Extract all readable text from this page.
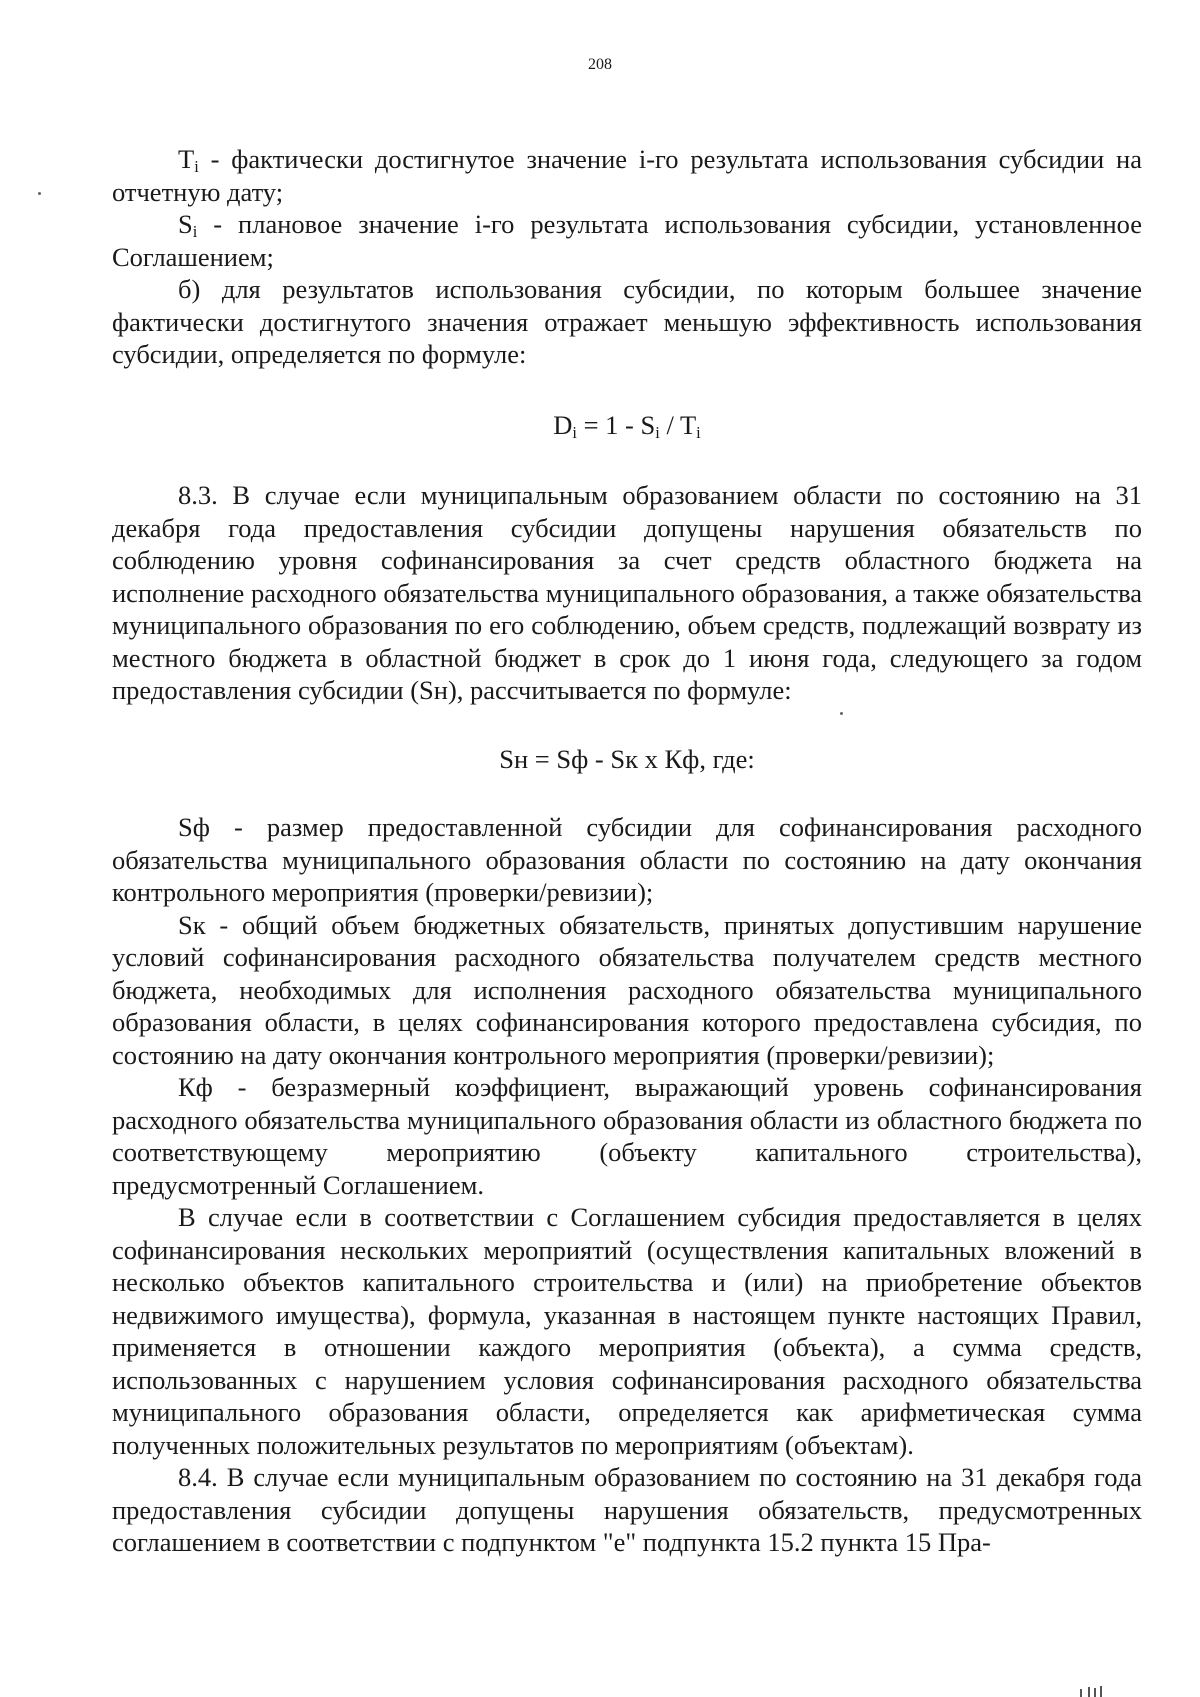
208

$T_i$ - фактически достигнутое значение i-го результата использования субсидии на отчетную дату;

$S_i$ - плановое значение i-го результата использования субсидии, установленное Соглашением;

б) для результатов использования субсидии, по которым большее значение фактически достигнутого значения отражает меньшую эффективность использования субсидии, определяется по формуле:

$D_i = 1 - S_i / T_i$

8.3. В случае если муниципальным образованием области по состоянию на 31 декабря года предоставления субсидии допущены нарушения обязательств по соблюдению уровня софинансирования за счет средств областного бюджета на исполнение расходного обязательства муниципального образования, а также обязательства муниципального образования по его соблюдению, объем средств, подлежащий возврату из местного бюджета в областной бюджет в срок до 1 июня года, следующего за годом предоставления субсидии (Sн), рассчитывается по формуле:

Sн = Sф - Sк х Кф, где:

Sф - размер предоставленной субсидии для софинансирования расходного обязательства муниципального образования области по состоянию на дату окончания контрольного мероприятия (проверки/ревизии);

Sк - общий объем бюджетных обязательств, принятых допустившим нарушение условий софинансирования расходного обязательства получателем средств местного бюджета, необходимых для исполнения расходного обязательства муниципального образования области, в целях софинансирования которого предоставлена субсидия, по состоянию на дату окончания контрольного мероприятия (проверки/ревизии);

Кф - безразмерный коэффициент, выражающий уровень софинансирования расходного обязательства муниципального образования области из областного бюджета по соответствующему мероприятию (объекту капитального строительства), предусмотренный Соглашением.

В случае если в соответствии с Соглашением субсидия предоставляется в целях софинансирования нескольких мероприятий (осуществления капитальных вложений в несколько объектов капитального строительства и (или) на приобретение объектов недвижимого имущества), формула, указанная в настоящем пункте настоящих Правил, применяется в отношении каждого мероприятия (объекта), а сумма средств, использованных с нарушением условия софинансирования расходного обязательства муниципального образования области, определяется как арифметическая сумма полученных положительных результатов по мероприятиям (объектам).

8.4. В случае если муниципальным образованием по состоянию на 31 декабря года предоставления субсидии допущены нарушения обязательств, предусмотренных соглашением в соответствии с подпунктом "е" подпункта 15.2 пункта 15 Пра-
